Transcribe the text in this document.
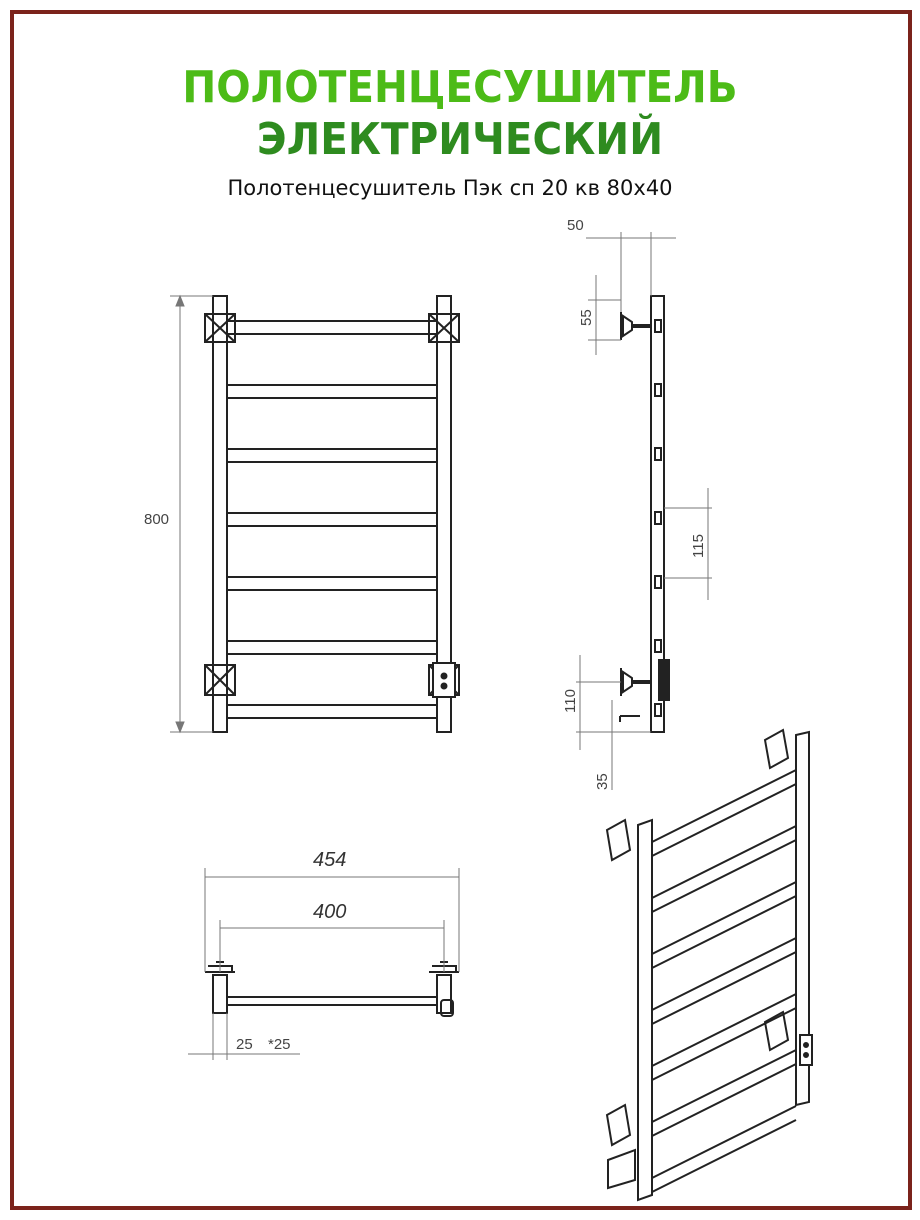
ПОЛОТЕНЦЕСУШИТЕЛЬ
ЭЛЕКТРИЧЕСКИЙ
Полотенцесушитель Пэк сп 20 кв 80х40
800
50
55
115
110
35
454
400
25 *25
